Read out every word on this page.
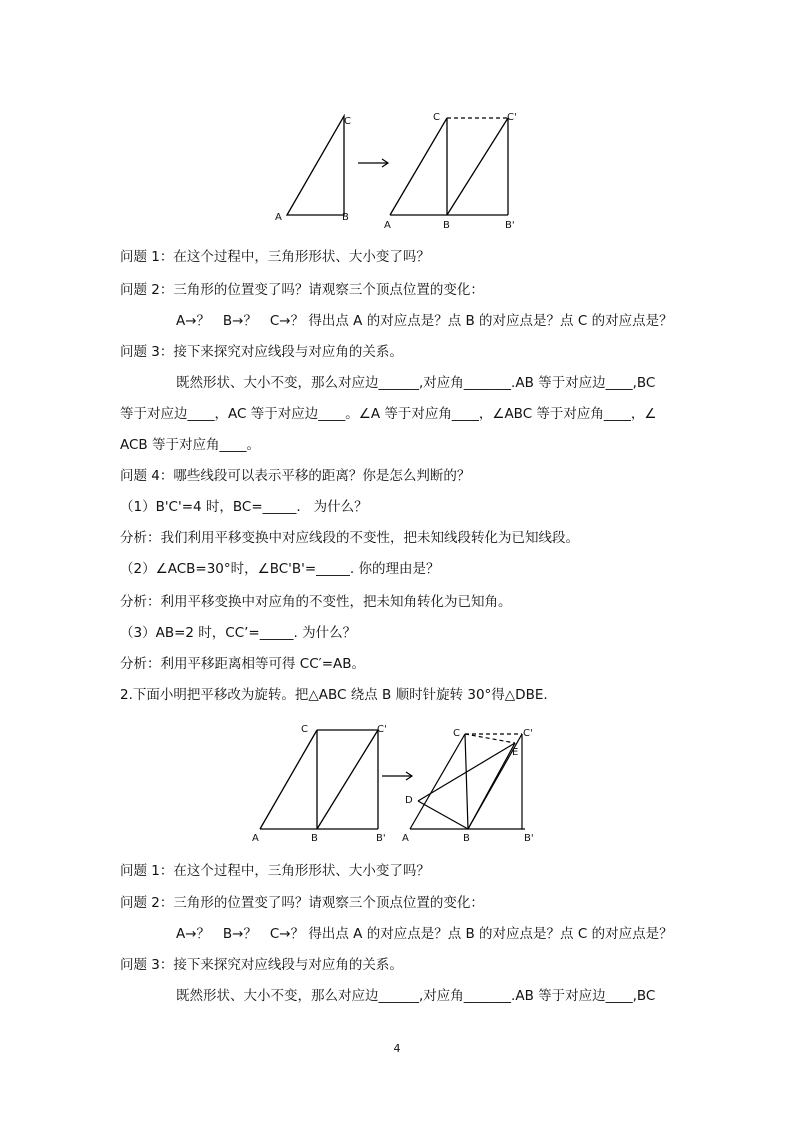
A	B
C
A	B	B'
C	C'
问题 1：在这个过程中，三角形形状、大小变了吗？
问题 2：三角形的位置变了吗？请观察三个顶点位置的变化：
A→？   B→？   C→？ 得出点 A 的对应点是？点 B 的对应点是？点 C 的对应点是？
问题 3：接下来探究对应线段与对应角的关系。
既然形状、大小不变，那么对应边______,对应角_______.AB 等于对应边____,BC
等于对应边____，AC 等于对应边____。∠A 等于对应角____，∠ABC 等于对应角____，∠
ACB 等于对应角____。
问题 4：哪些线段可以表示平移的距离？你是怎么判断的？
（1）B'C'=4 时，BC=_____.   为什么？
分析：我们利用平移变换中对应线段的不变性，把未知线段转化为已知线段。
（2）∠ACB=30°时，∠BC'B'=_____. 你的理由是？
分析：利用平移变换中对应角的不变性，把未知角转化为已知角。
（3）AB=2 时，CC’=_____. 为什么？
分析：利用平移距离相等可得 CC′=AB。
2.下面小明把平移改为旋转。把△ABC 绕点 B 顺时针旋转 30°得△DBE.
A	B	B'
C	C'
A	B	B'
C	C'
D
E
问题 1：在这个过程中，三角形形状、大小变了吗？
问题 2：三角形的位置变了吗？请观察三个顶点位置的变化：
A→？   B→？   C→？ 得出点 A 的对应点是？点 B 的对应点是？点 C 的对应点是？
问题 3：接下来探究对应线段与对应角的关系。
既然形状、大小不变，那么对应边______,对应角_______.AB 等于对应边____,BC
4
